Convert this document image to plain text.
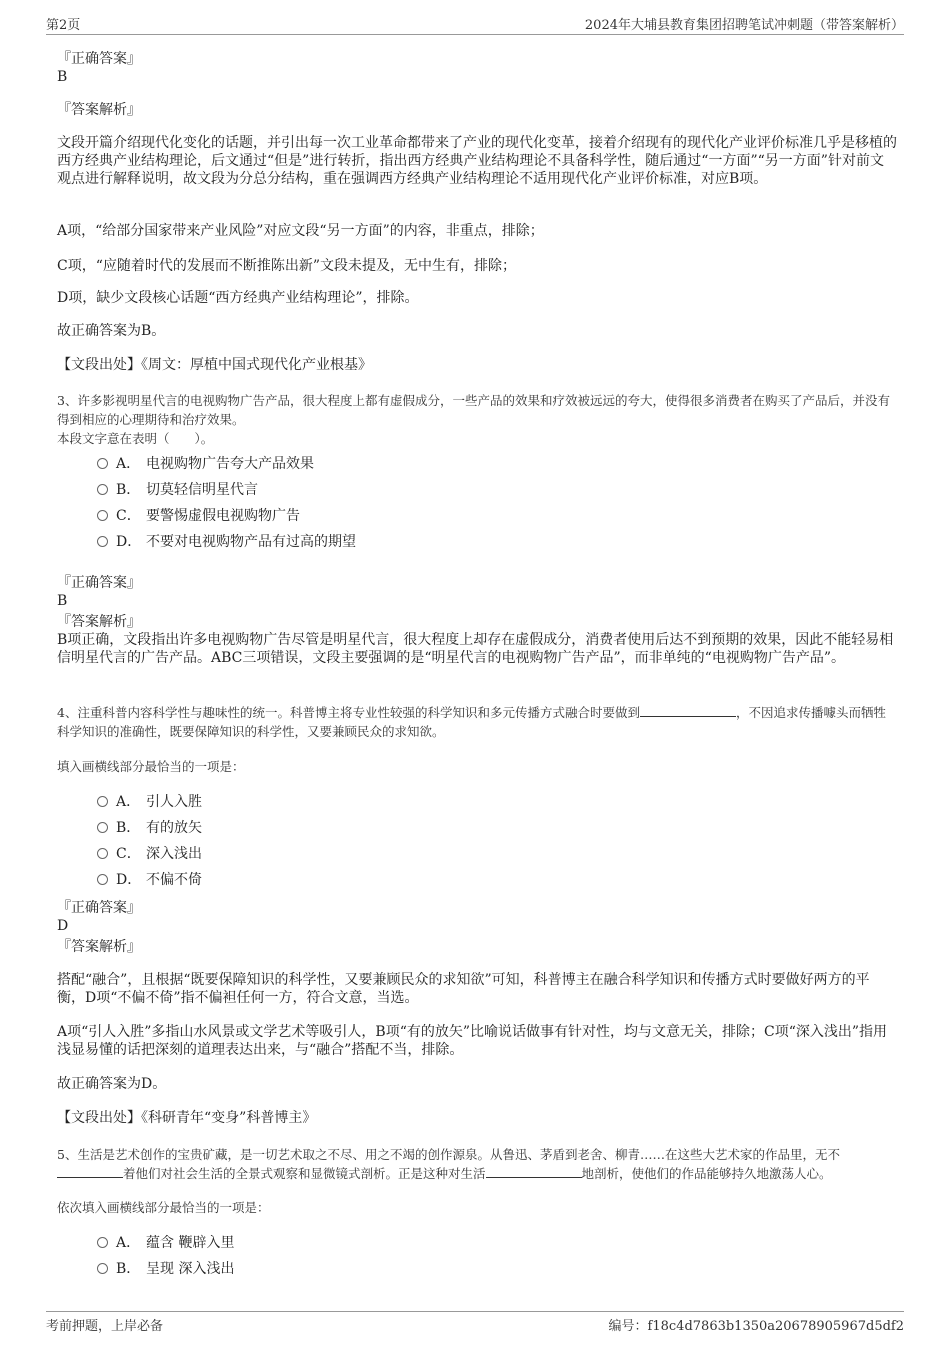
第2页	2024年大埔县教育集团招聘笔试冲刺题（带答案解析）

『正确答案』

B

『答案解析』

文段开篇介绍现代化变化的话题，并引出每一次工业革命都带来了产业的现代化变革，接着介绍现有的现代化产业评价标准几乎是移植的西方经典产业结构理论，后文通过“但是”进行转折，指出西方经典产业结构理论不具备科学性，随后通过“一方面”“另一方面”针对前文观点进行解释说明，故文段为分总分结构，重在强调西方经典产业结构理论不适用现代化产业评价标准，对应B项。

A项，“给部分国家带来产业风险”对应文段“另一方面”的内容，非重点，排除；

C项，“应随着时代的发展而不断推陈出新”文段未提及，无中生有，排除；

D项，缺少文段核心话题“西方经典产业结构理论”，排除。

故正确答案为B。

【文段出处】《周文：厚植中国式现代化产业根基》

3、许多影视明星代言的电视购物广告产品，很大程度上都有虚假成分，一些产品的效果和疗效被远远的夸大，使得很多消费者在购买了产品后，并没有得到相应的心理期待和治疗效果。

本段文字意在表明（　　）。

A． 电视购物广告夸大产品效果
B． 切莫轻信明星代言
C． 要警惕虚假电视购物广告
D． 不要对电视购物产品有过高的期望

『正确答案』

B

『答案解析』

B项正确，文段指出许多电视购物广告尽管是明星代言，很大程度上却存在虚假成分，消费者使用后达不到预期的效果，因此不能轻易相信明星代言的广告产品。ABC三项错误，文段主要强调的是“明星代言的电视购物广告产品”，而非单纯的“电视购物广告产品”。

4、注重科普内容科学性与趣味性的统一。科普博主将专业性较强的科学知识和多元传播方式融合时要做到	，不因追求传播噱头而牺牲科学知识的准确性，既要保障知识的科学性，又要兼顾民众的求知欲。

填入画横线部分最恰当的一项是：

A． 引人入胜
B． 有的放矢
C． 深入浅出
D． 不偏不倚

『正确答案』

D

『答案解析』

搭配“融合”，且根据“既要保障知识的科学性，又要兼顾民众的求知欲”可知，科普博主在融合科学知识和传播方式时要做好两方的平衡，D项“不偏不倚”指不偏袒任何一方，符合文意，当选。

A项“引人入胜”多指山水风景或文学艺术等吸引人，B项“有的放矢”比喻说话做事有针对性，均与文意无关，排除；C项“深入浅出”指用浅显易懂的话把深刻的道理表达出来，与“融合”搭配不当，排除。

故正确答案为D。

【文段出处】《科研青年“变身”科普博主》

5、生活是艺术创作的宝贵矿藏，是一切艺术取之不尽、用之不竭的创作源泉。从鲁迅、茅盾到老舍、柳青……在这些大艺术家的作品里，无不着他们对社会生活的全景式观察和显微镜式剖析。正是这种对生活	地剖析，使他们的作品能够持久地激荡人心。

依次填入画横线部分最恰当的一项是：

A． 蕴含 鞭辟入里
B． 呈现 深入浅出
考前押题，上岸必备	编号：f18c4d7863b1350a20678905967d5df2
